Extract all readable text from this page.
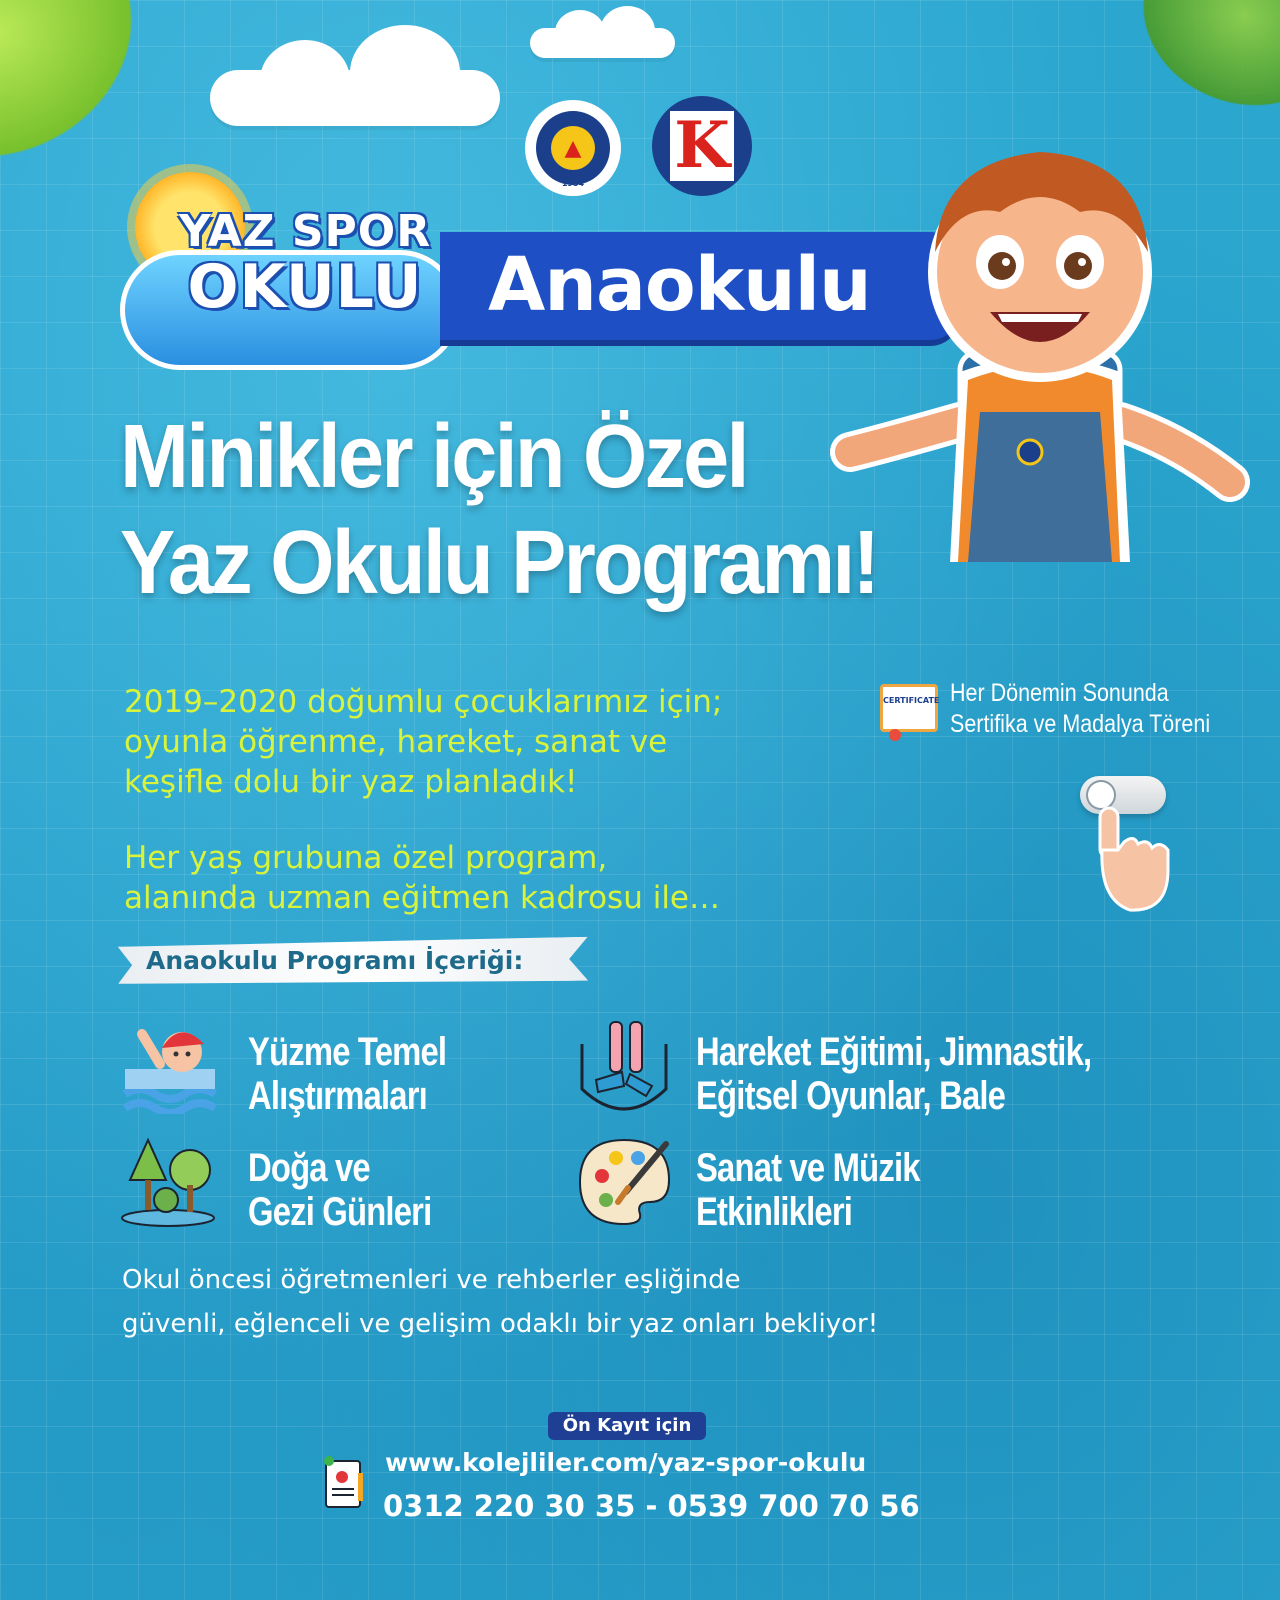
▲
1954
K
YAZ SPOR
OKULU Anaokulu
Minikler için Özel
Yaz Okulu Programı!
2019–2020 doğumlu çocuklarımız için;
oyunla öğrenme, hareket, sanat ve
keşifle dolu bir yaz planladık!
Her yaş grubuna özel program,
alanında uzman eğitmen kadrosu ile…
CERTIFICATE Her Dönemin Sonunda
Sertifika ve Madalya Töreni
Anaokulu Programı İçeriği:
Yüzme Temel
Alıştırmaları
Hareket Eğitimi, Jimnastik,
Eğitsel Oyunlar, Bale
Doğa ve
Gezi Günleri
Sanat ve Müzik
Etkinlikleri
Okul öncesi öğretmenleri ve rehberler eşliğinde
güvenli, eğlenceli ve gelişim odaklı bir yaz onları bekliyor!
Ön Kayıt için
www.kolejliler.com/yaz-spor-okulu
0312 220 30 35 - 0539 700 70 56
